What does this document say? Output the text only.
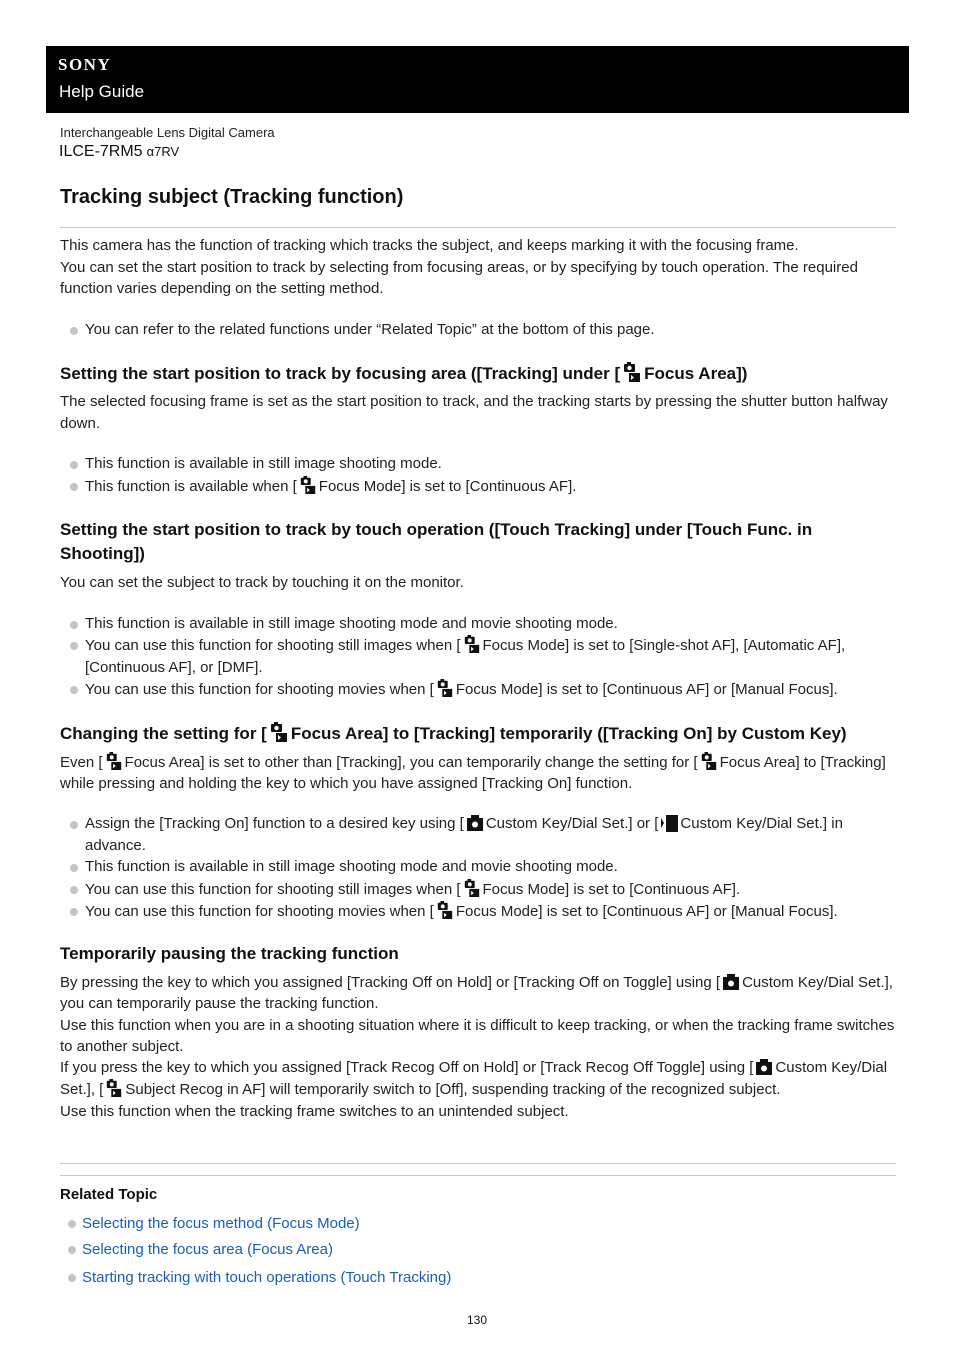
SONY
Help Guide
Interchangeable Lens Digital Camera
ILCE-7RM5 α7RV
Tracking subject (Tracking function)

This camera has the function of tracking which tracks the subject, and keeps marking it with the focusing frame.

You can set the start position to track by selecting from focusing areas, or by specifying by touch operation. The required function varies depending on the setting method.

You can refer to the related functions under “Related Topic” at the bottom of this page.
Setting the start position to track by focusing area ([Tracking] under [ Focus Area])
The selected focusing frame is set as the start position to track, and the tracking starts by pressing the shutter button halfway down.
This function is available in still image shooting mode.
This function is available when [ Focus Mode] is set to [Continuous AF].
Setting the start position to track by touch operation ([Touch Tracking] under [Touch Func. in Shooting])
You can set the subject to track by touching it on the monitor.
This function is available in still image shooting mode and movie shooting mode.
You can use this function for shooting still images when [ Focus Mode] is set to [Single-shot AF], [Automatic AF], [Continuous AF], or [DMF].
You can use this function for shooting movies when [ Focus Mode] is set to [Continuous AF] or [Manual Focus].
Changing the setting for [ Focus Area] to [Tracking] temporarily ([Tracking On] by Custom Key)
Even [ Focus Area] is set to other than [Tracking], you can temporarily change the setting for [ Focus Area] to [Tracking] while pressing and holding the key to which you have assigned [Tracking On] function.
Assign the [Tracking On] function to a desired key using [ Custom Key/Dial Set.] or [ Custom Key/Dial Set.] in advance.
This function is available in still image shooting mode and movie shooting mode.
You can use this function for shooting still images when [ Focus Mode] is set to [Continuous AF].
You can use this function for shooting movies when [ Focus Mode] is set to [Continuous AF] or [Manual Focus].
Temporarily pausing the tracking function

By pressing the key to which you assigned [Tracking Off on Hold] or [Tracking Off on Toggle] using [ Custom Key/Dial Set.], you can temporarily pause the tracking function.

Use this function when you are in a shooting situation where it is difficult to keep tracking, or when the tracking frame switches to another subject.

If you press the key to which you assigned [Track Recog Off on Hold] or [Track Recog Off Toggle] using [ Custom Key/Dial Set.], [ Subject Recog in AF] will temporarily switch to [Off], suspending tracking of the recognized subject.

Use this function when the tracking frame switches to an unintended subject.

Related Topic
Selecting the focus method (Focus Mode)
Selecting the focus area (Focus Area)
Starting tracking with touch operations (Touch Tracking)
130
